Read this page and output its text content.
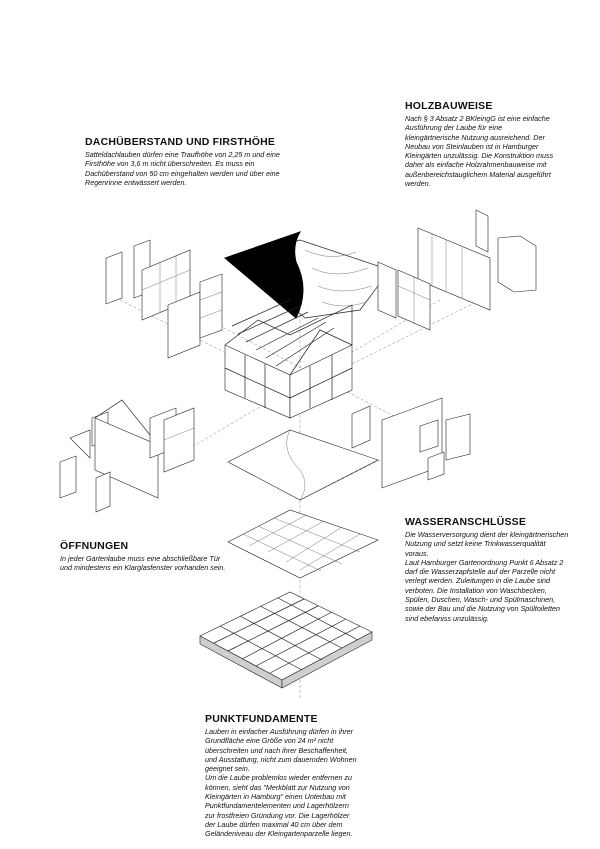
DACHÜBERSTAND UND FIRSTHÖHE

Satteldachlauben dürfen eine Traufhöhe von 2,25 m und eine

Firsthöhe von 3,6 m nicht überschreiten. Es muss ein

Dachüberstand von 50 cm eingehalten werden und über eine

Regenrinne entwässert werden.

HOLZBAUWEISE

Nach § 3 Absatz 2 BKleingG ist eine einfache

Ausführung der Laube für eine

kleingärtnerische Nutzung ausreichend. Der

Neubau von Steinlauben ist in Hamburger

Kleingärten unzulässig. Die Konstruktion muss

daher als einfache Holzrahmenbauweise mit

außenbereichstauglichem Material ausgeführt

werden.

ÖFFNUNGEN

In jeder Gartenlaube muss eine abschließbare Tür

und mindestens ein Klarglasfenster vorhanden sein.

WASSERANSCHLÜSSE

Die Wasserversorgung dient der kleingärtnerischen

Nutzung und setzt keine Trinkwasserqualität

voraus.

Laut Hamburger Gartenordnung Punkt 6 Absatz 2

darf die Wasserzapfstelle auf der Parzelle nicht

verlegt werden. Zuleitungen in die Laube sind

verboten. Die Installation von Waschbecken,

Spülen, Duschen, Wasch- und Spülmaschinen,

sowie der Bau und die Nutzung von Spültoiletten

sind ebefaniss unzulässig.

PUNKTFUNDAMENTE

Lauben in einfacher Ausführung dürfen in ihrer

Grundfläche eine Größe von 24 m² nicht

überschreiten und nach ihrer Beschaffenheit,

und Ausstattung, nicht zum dauernden Wohnen

geeignet sein.

Um die Laube problemlos wieder entfernen zu

können, sieht das "Merkblatt zur Nutzung von

Kleingärten in Hamburg" einen Unterbau mit

Punktfundamentelementen und Lagerhölzern

zur frostfreien Gründung vor. Die Lagerhölzer

der Laube dürfen maximal 40 cm über dem

Geländeniveau der Kleingartenparzelle liegen.
